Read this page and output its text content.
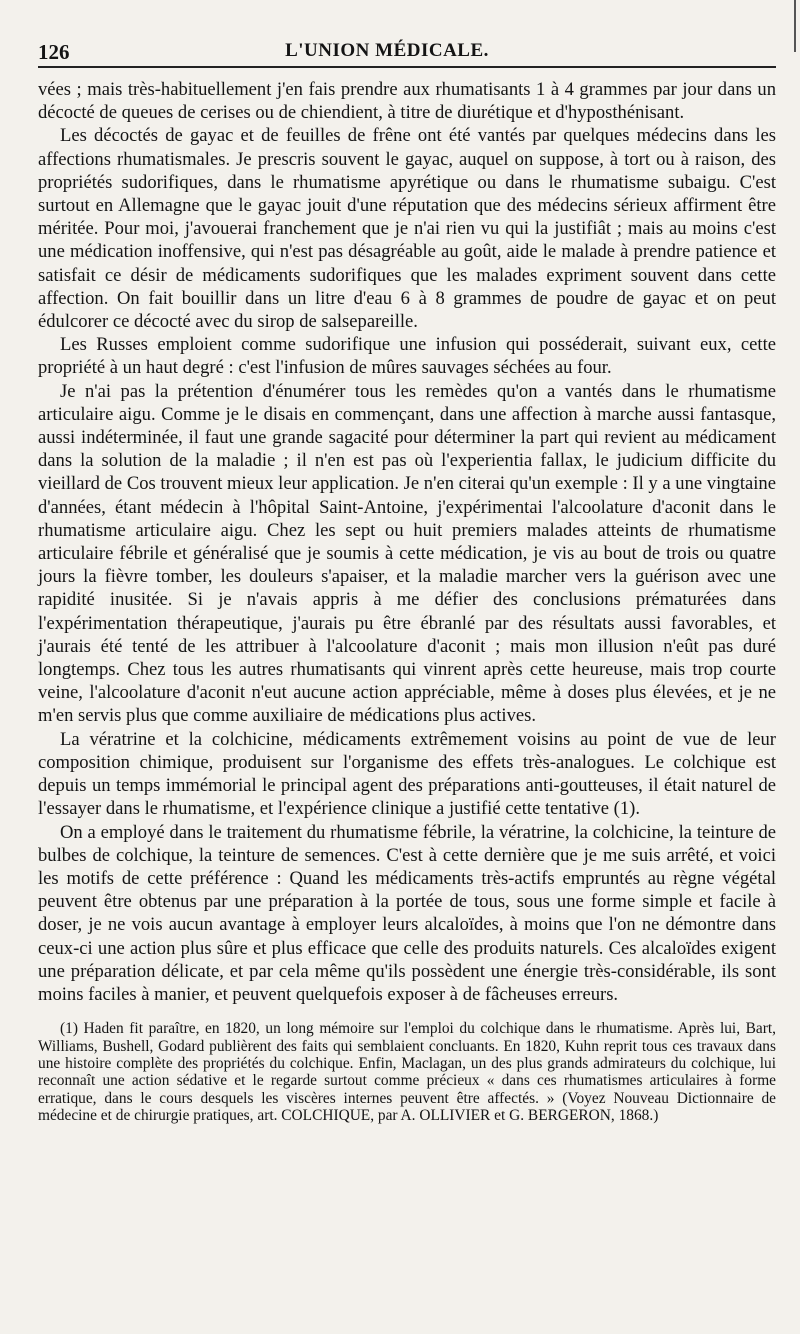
126	L'UNION MÉDICALE.

vées ; mais très-habituellement j'en fais prendre aux rhumatisants 1 à 4 grammes par jour dans un décocté de queues de cerises ou de chiendient, à titre de diurétique et d'hyposthénisant.

Les décoctés de gayac et de feuilles de frêne ont été vantés par quelques médecins dans les affections rhumatismales. Je prescris souvent le gayac, auquel on suppose, à tort ou à raison, des propriétés sudorifiques, dans le rhumatisme apyrétique ou dans le rhumatisme subaigu. C'est surtout en Allemagne que le gayac jouit d'une réputation que des médecins sérieux affirment être méritée. Pour moi, j'avouerai franchement que je n'ai rien vu qui la justifiât ; mais au moins c'est une médication inoffensive, qui n'est pas désagréable au goût, aide le malade à prendre patience et satisfait ce désir de médicaments sudorifiques que les malades expriment souvent dans cette affection. On fait bouillir dans un litre d'eau 6 à 8 grammes de poudre de gayac et on peut édulcorer ce décocté avec du sirop de salsepareille.

Les Russes emploient comme sudorifique une infusion qui posséderait, suivant eux, cette propriété à un haut degré : c'est l'infusion de mûres sauvages séchées au four.

Je n'ai pas la prétention d'énumérer tous les remèdes qu'on a vantés dans le rhumatisme articulaire aigu. Comme je le disais en commençant, dans une affection à marche aussi fantasque, aussi indéterminée, il faut une grande sagacité pour déterminer la part qui revient au médicament dans la solution de la maladie ; il n'en est pas où l'experientia fallax, le judicium difficite du vieillard de Cos trouvent mieux leur application. Je n'en citerai qu'un exemple : Il y a une vingtaine d'années, étant médecin à l'hôpital Saint-Antoine, j'expérimentai l'alcoolature d'aconit dans le rhumatisme articulaire aigu. Chez les sept ou huit premiers malades atteints de rhumatisme articulaire fébrile et généralisé que je soumis à cette médication, je vis au bout de trois ou quatre jours la fièvre tomber, les douleurs s'apaiser, et la maladie marcher vers la guérison avec une rapidité inusitée. Si je n'avais appris à me défier des conclusions prématurées dans l'expérimentation thérapeutique, j'aurais pu être ébranlé par des résultats aussi favorables, et j'aurais été tenté de les attribuer à l'alcoolature d'aconit ; mais mon illusion n'eût pas duré longtemps. Chez tous les autres rhumatisants qui vinrent après cette heureuse, mais trop courte veine, l'alcoolature d'aconit n'eut aucune action appréciable, même à doses plus élevées, et je ne m'en servis plus que comme auxiliaire de médications plus actives.

La vératrine et la colchicine, médicaments extrêmement voisins au point de vue de leur composition chimique, produisent sur l'organisme des effets très-analogues. Le colchique est depuis un temps immémorial le principal agent des préparations anti-goutteuses, il était naturel de l'essayer dans le rhumatisme, et l'expérience clinique a justifié cette tentative (1).

On a employé dans le traitement du rhumatisme fébrile, la vératrine, la colchicine, la teinture de bulbes de colchique, la teinture de semences. C'est à cette dernière que je me suis arrêté, et voici les motifs de cette préférence : Quand les médicaments très-actifs empruntés au règne végétal peuvent être obtenus par une préparation à la portée de tous, sous une forme simple et facile à doser, je ne vois aucun avantage à employer leurs alcaloïdes, à moins que l'on ne démontre dans ceux-ci une action plus sûre et plus efficace que celle des produits naturels. Ces alcaloïdes exigent une préparation délicate, et par cela même qu'ils possèdent une énergie très-considérable, ils sont moins faciles à manier, et peuvent quelquefois exposer à de fâcheuses erreurs.

(1) Haden fit paraître, en 1820, un long mémoire sur l'emploi du colchique dans le rhumatisme. Après lui, Bart, Williams, Bushell, Godard publièrent des faits qui semblaient concluants. En 1820, Kuhn reprit tous ces travaux dans une histoire complète des propriétés du colchique. Enfin, Maclagan, un des plus grands admirateurs du colchique, lui reconnaît une action sédative et le regarde surtout comme précieux « dans ces rhumatismes articulaires à forme erratique, dans le cours desquels les viscères internes peuvent être affectés. » (Voyez Nouveau Dictionnaire de médecine et de chirurgie pratiques, art. COLCHIQUE, par A. OLLIVIER et G. BERGERON, 1868.)
